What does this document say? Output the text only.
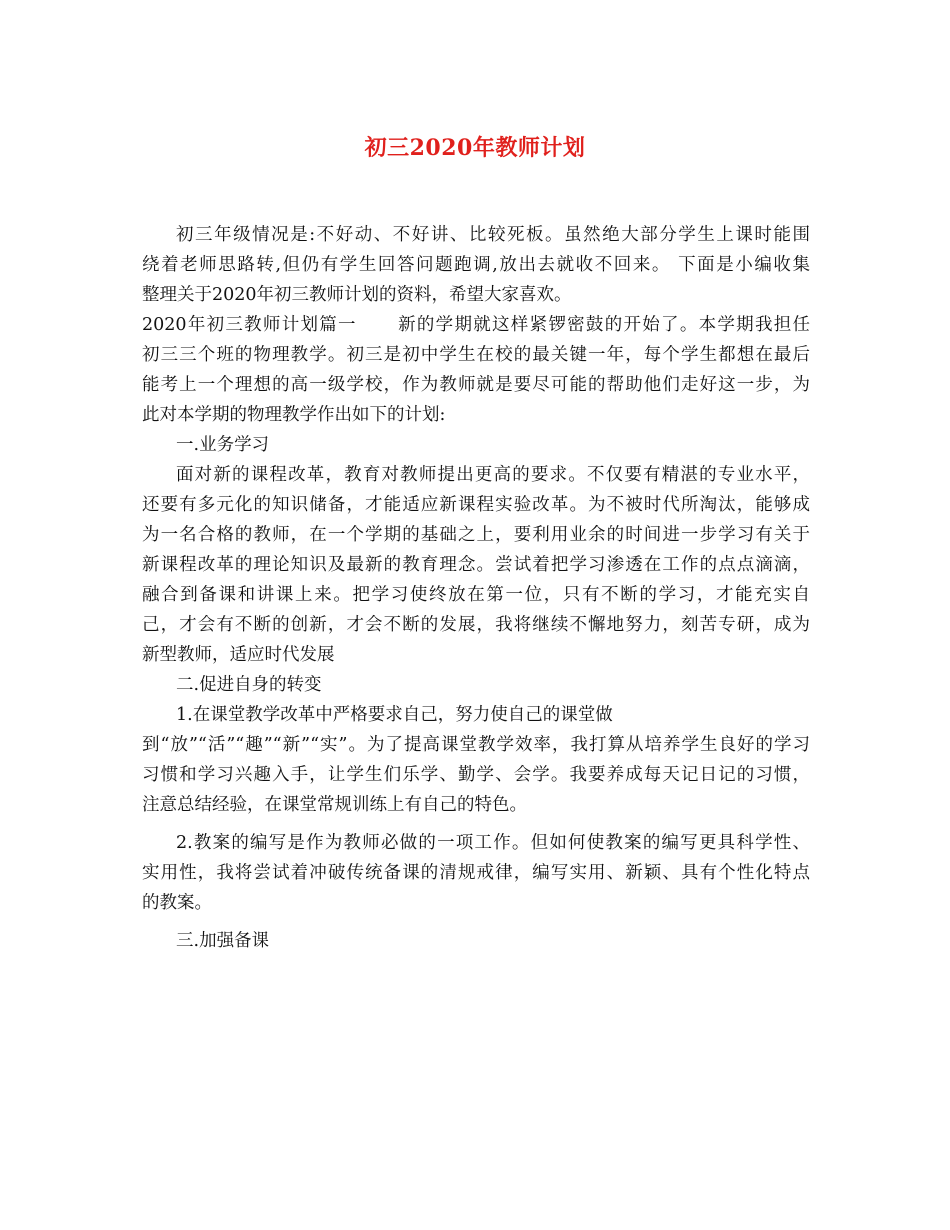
初三2020年教师计划
初三年级情况是:不好动、不好讲、比较死板。虽然绝大部分学生上课时能围
绕着老师思路转,但仍有学生回答问题跑调,放出去就收不回来。 下面是小编收集
整理关于2020年初三教师计划的资料，希望大家喜欢。
2020年初三教师计划篇一 新的学期就这样紧锣密鼓的开始了。本学期我担任
初三三个班的物理教学。初三是初中学生在校的最关键一年，每个学生都想在最后
能考上一个理想的高一级学校，作为教师就是要尽可能的帮助他们走好这一步，为
此对本学期的物理教学作出如下的计划:
一.业务学习
面对新的课程改革，教育对教师提出更高的要求。不仅要有精湛的专业水平，
还要有多元化的知识储备，才能适应新课程实验改革。为不被时代所淘汰，能够成
为一名合格的教师，在一个学期的基础之上，要利用业余的时间进一步学习有关于
新课程改革的理论知识及最新的教育理念。尝试着把学习渗透在工作的点点滴滴，
融合到备课和讲课上来。把学习使终放在第一位，只有不断的学习，才能充实自
己，才会有不断的创新，才会不断的发展，我将继续不懈地努力，刻苦专研，成为
新型教师，适应时代发展
二.促进自身的转变
1.在课堂教学改革中严格要求自己，努力使自己的课堂做
到“放”“活”“趣”“新”“实”。为了提高课堂教学效率，我打算从培养学生良好的学习
习惯和学习兴趣入手，让学生们乐学、勤学、会学。我要养成每天记日记的习惯，
注意总结经验，在课堂常规训练上有自己的特色。
2.教案的编写是作为教师必做的一项工作。但如何使教案的编写更具科学性、
实用性，我将尝试着冲破传统备课的清规戒律，编写实用、新颖、具有个性化特点
的教案。
三.加强备课
